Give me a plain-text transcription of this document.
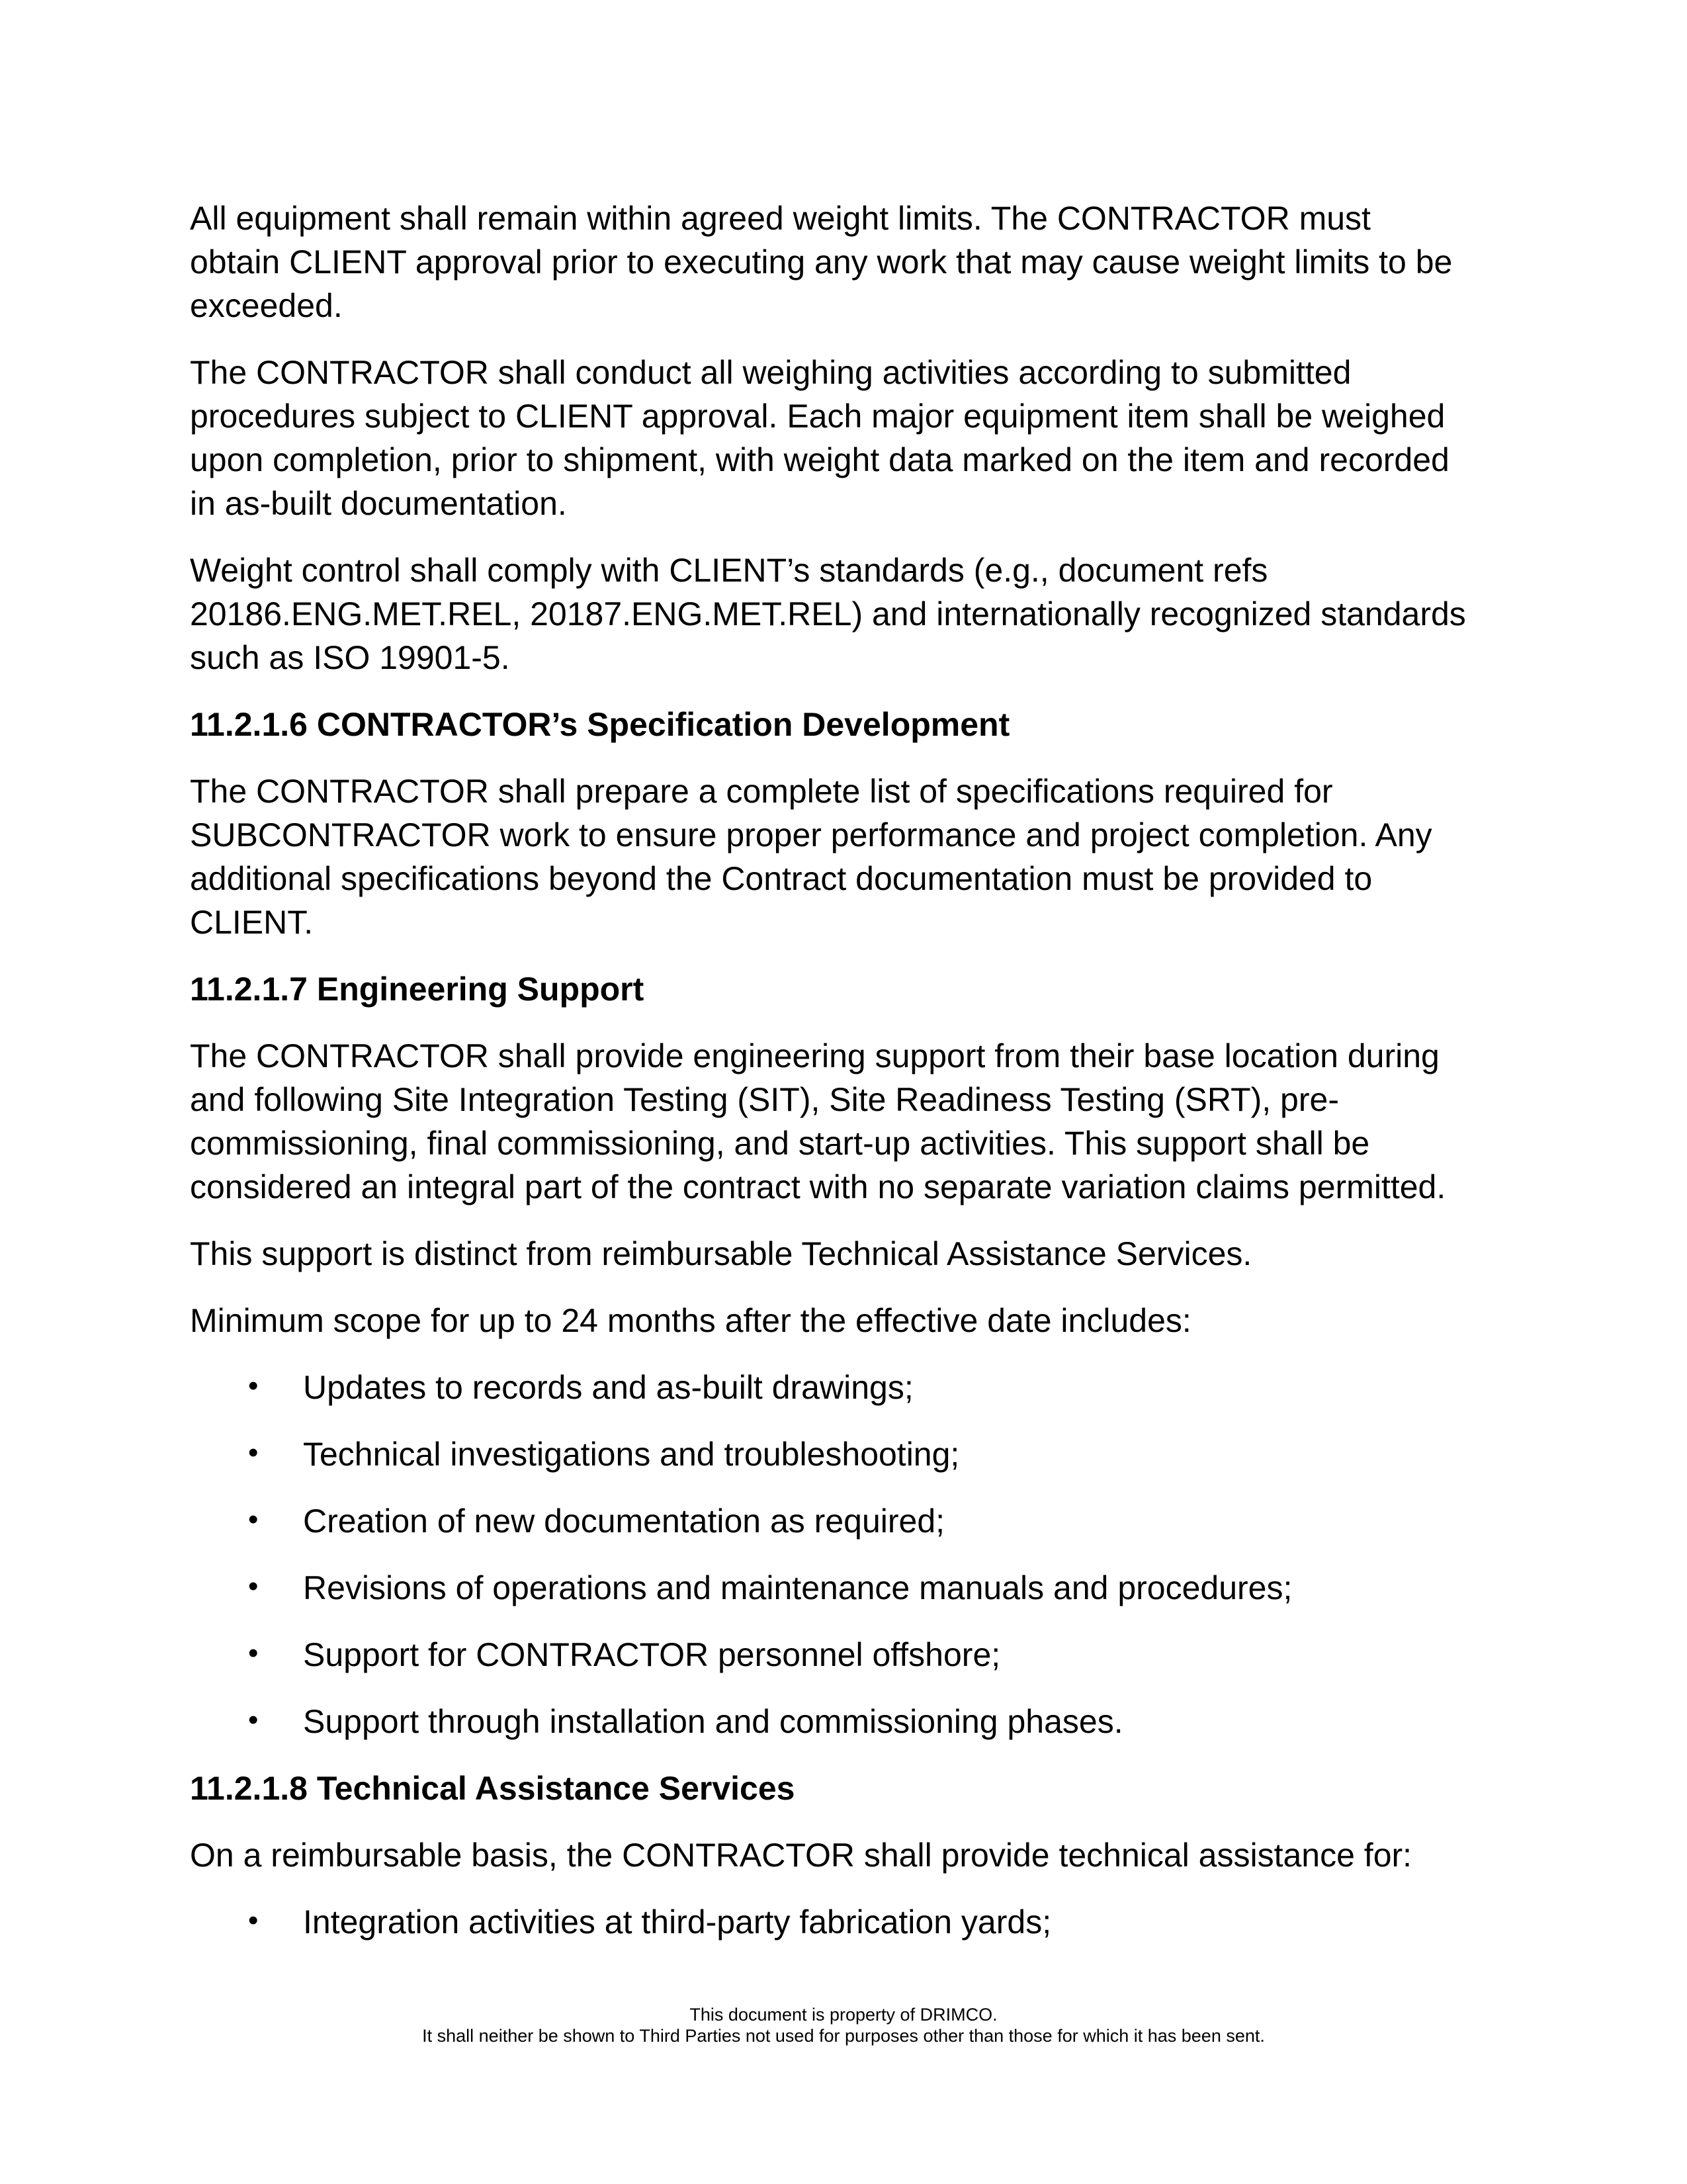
All equipment shall remain within agreed weight limits. The CONTRACTOR must obtain CLIENT approval prior to executing any work that may cause weight limits to be exceeded.

The CONTRACTOR shall conduct all weighing activities according to submitted procedures subject to CLIENT approval. Each major equipment item shall be weighed upon completion, prior to shipment, with weight data marked on the item and recorded in as-built documentation.

Weight control shall comply with CLIENT’s standards (e.g., document refs 20186.ENG.MET.REL, 20187.ENG.MET.REL) and internationally recognized standards such as ISO 19901-5.

11.2.1.6 CONTRACTOR’s Specification Development

The CONTRACTOR shall prepare a complete list of specifications required for SUBCONTRACTOR work to ensure proper performance and project completion. Any additional specifications beyond the Contract documentation must be provided to CLIENT.

11.2.1.7 Engineering Support

The CONTRACTOR shall provide engineering support from their base location during and following Site Integration Testing (SIT), Site Readiness Testing (SRT), pre-commissioning, final commissioning, and start-up activities. This support shall be considered an integral part of the contract with no separate variation claims permitted.

This support is distinct from reimbursable Technical Assistance Services.

Minimum scope for up to 24 months after the effective date includes:

• Updates to records and as-built drawings;
• Technical investigations and troubleshooting;
• Creation of new documentation as required;
• Revisions of operations and maintenance manuals and procedures;
• Support for CONTRACTOR personnel offshore;
• Support through installation and commissioning phases.
11.2.1.8 Technical Assistance Services

On a reimbursable basis, the CONTRACTOR shall provide technical assistance for:

• Integration activities at third-party fabrication yards;
This document is property of DRIMCO.
It shall neither be shown to Third Parties not used for purposes other than those for which it has been sent.
